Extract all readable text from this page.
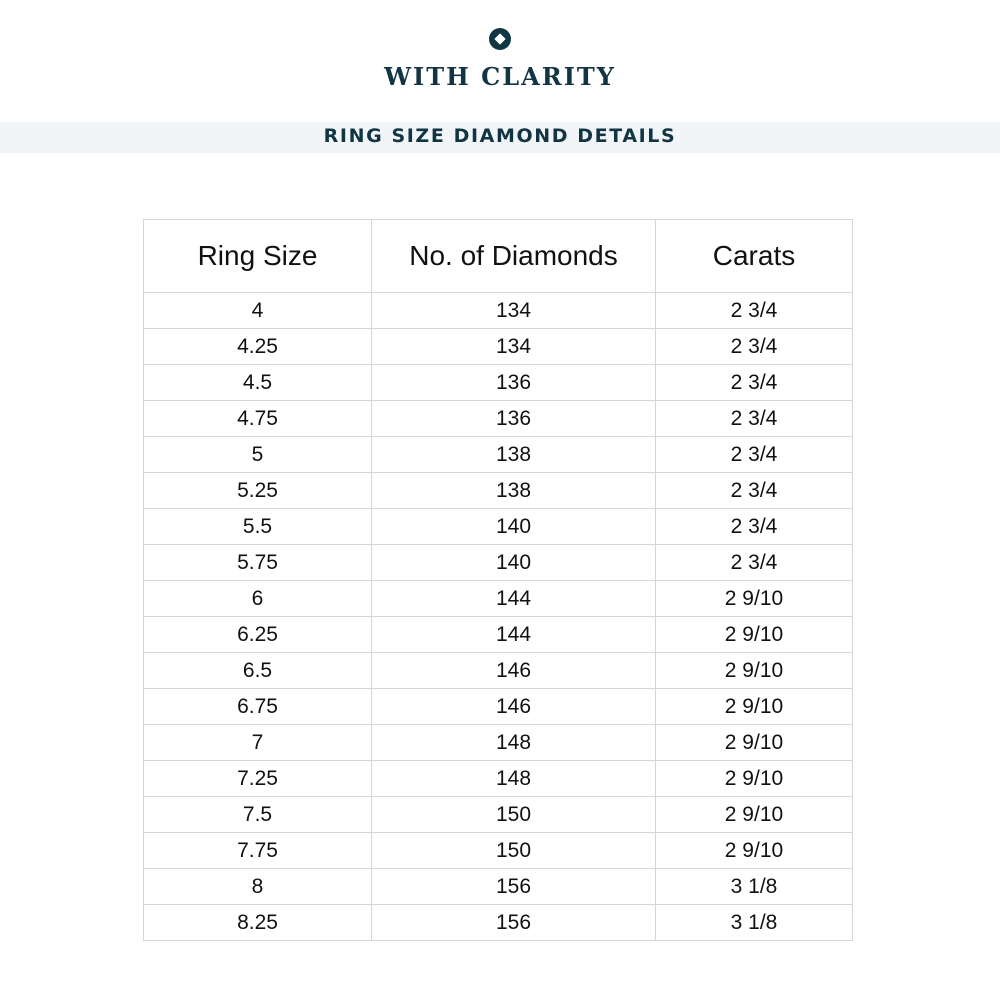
WITH CLARITY
RING SIZE DIAMOND DETAILS
Ring Size	No. of Diamonds	Carats
4	134	2 3/4
4.25	134	2 3/4
4.5	136	2 3/4
4.75	136	2 3/4
5	138	2 3/4
5.25	138	2 3/4
5.5	140	2 3/4
5.75	140	2 3/4
6	144	2 9/10
6.25	144	2 9/10
6.5	146	2 9/10
6.75	146	2 9/10
7	148	2 9/10
7.25	148	2 9/10
7.5	150	2 9/10
7.75	150	2 9/10
8	156	3 1/8
8.25	156	3 1/8
